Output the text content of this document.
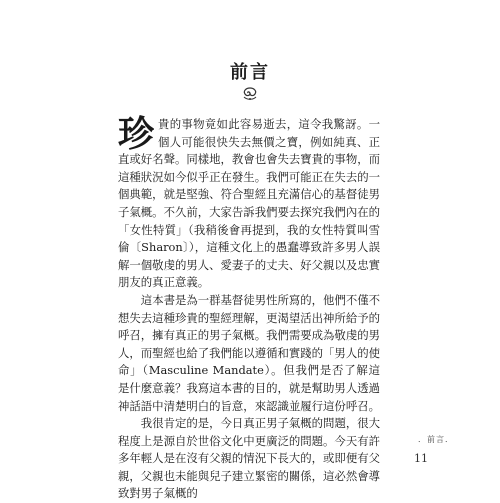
前言

珍貴的事物竟如此容易逝去，這令我驚訝。一個人可能很快失去無價之寶，例如純真、正直或好名聲。同樣地，教會也會失去寶貴的事物，而這種狀況如今似乎正在發生。我們可能正在失去的一個典範，就是堅強、符合聖經且充滿信心的基督徒男子氣概。不久前，大家告訴我們要去探究我們內在的「女性特質」（我稍後會再提到，我的女性特質叫雪倫〔Sharon〕），這種文化上的愚蠢導致許多男人誤解一個敬虔的男人、愛妻子的丈夫、好父親以及忠實朋友的真正意義。

這本書是為一群基督徒男性所寫的，他們不僅不想失去這種珍貴的聖經理解，更渴望活出神所給予的呼召，擁有真正的男子氣概。我們需要成為敬虔的男人，而聖經也給了我們能以遵循和實踐的「男人的使命」（Masculine Mandate）。但我們是否了解這是什麼意義？我寫這本書的目的，就是幫助男人透過神話語中清楚明白的旨意，來認識並履行這份呼召。

我很肯定的是，今日真正男子氣概的問題，很大程度上是源自於世俗文化中更廣泛的問題。今天有許多年輕人是在沒有父親的情況下長大的，或即便有父親，父親也未能與兒子建立緊密的關係，這必然會導致對男子氣概的

．前言．
11
